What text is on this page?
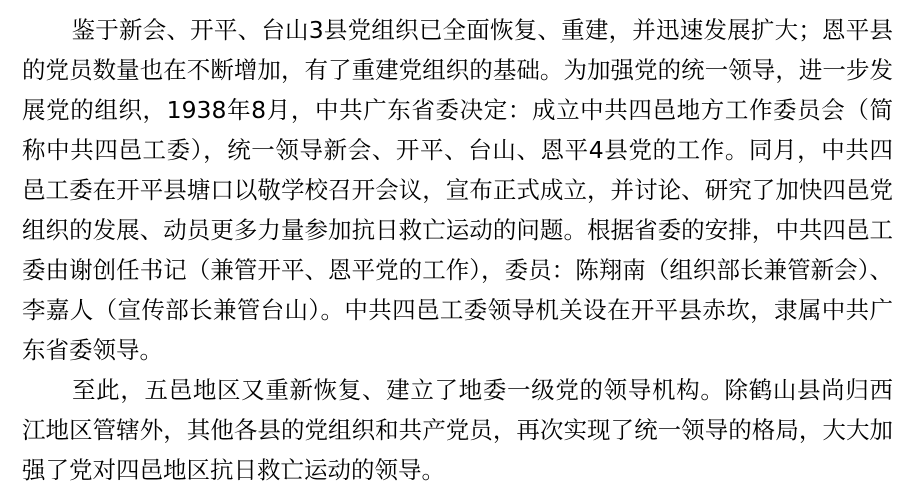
鉴于新会、开平、台山3县党组织已全面恢复、重建，并迅速发展扩大；恩平县的党员数量也在不断增加，有了重建党组织的基础。为加强党的统一领导，进一步发展党的组织，1938年8月，中共广东省委决定：成立中共四邑地方工作委员会（简称中共四邑工委），统一领导新会、开平、台山、恩平4县党的工作。同月，中共四邑工委在开平县塘口以敬学校召开会议，宣布正式成立，并讨论、研究了加快四邑党组织的发展、动员更多力量参加抗日救亡运动的问题。根据省委的安排，中共四邑工委由谢创任书记（兼管开平、恩平党的工作），委员：陈翔南（组织部长兼管新会）、李嘉人（宣传部长兼管台山）。中共四邑工委领导机关设在开平县赤坎，隶属中共广东省委领导。

至此，五邑地区又重新恢复、建立了地委一级党的领导机构。除鹤山县尚归西江地区管辖外，其他各县的党组织和共产党员，再次实现了统一领导的格局，大大加强了党对四邑地区抗日救亡运动的领导。
